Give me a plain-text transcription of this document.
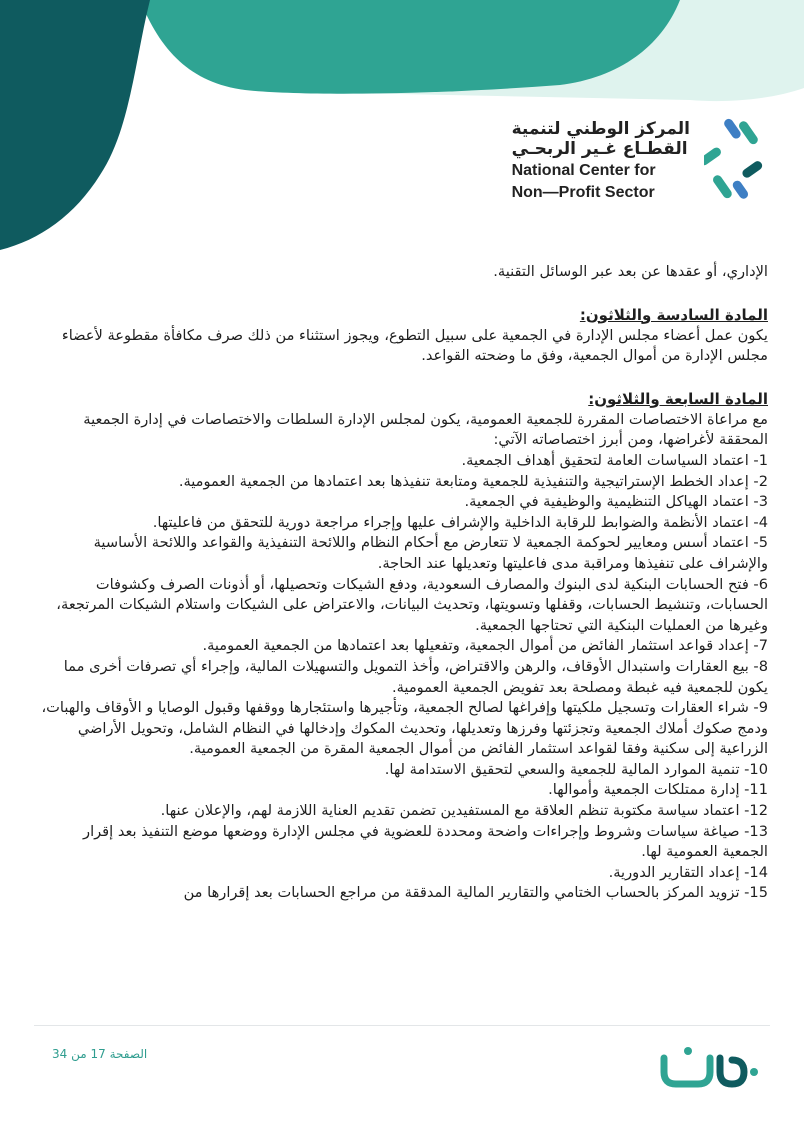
المركز الوطني لتنمية
القطـاع غـير الربحـي
National Center for
Non—Profit Sector

الإداري، أو عقدها عن بعد عبر الوسائل التقنية.

المادة السادسة والثلاثون:

يكون عمل أعضاء مجلس الإدارة في الجمعية على سبيل التطوع، ويجوز استثناء من ذلك صرف مكافأة مقطوعة لأعضاء مجلس الإدارة من أموال الجمعية، وفق ما وضحته القواعد.

المادة السابعة والثلاثون:

مع مراعاة الاختصاصات المقررة للجمعية العمومية، يكون لمجلس الإدارة السلطات والاختصاصات في إدارة الجمعية المحققة لأغراضها، ومن أبرز اختصاصاته الآتي:

1- اعتماد السياسات العامة لتحقيق أهداف الجمعية.

2- إعداد الخطط الإستراتيجية والتنفيذية للجمعية ومتابعة تنفيذها بعد اعتمادها من الجمعية العمومية.

3- اعتماد الهياكل التنظيمية والوظيفية في الجمعية.

4- اعتماد الأنظمة والضوابط للرقابة الداخلية والإشراف عليها وإجراء مراجعة دورية للتحقق من فاعليتها.

5- اعتماد أسس ومعايير لحوكمة الجمعية لا تتعارض مع أحكام النظام واللائحة التنفيذية والقواعد واللائحة الأساسية والإشراف على تنفيذها ومراقبة مدى فاعليتها وتعديلها عند الحاجة.

6- فتح الحسابات البنكية لدى البنوك والمصارف السعودية، ودفع الشيكات وتحصيلها، أو أذونات الصرف وكشوفات الحسابات، وتنشيط الحسابات، وقفلها وتسويتها، وتحديث البيانات، والاعتراض على الشيكات واستلام الشيكات المرتجعة، وغيرها من العمليات البنكية التي تحتاجها الجمعية.

7- إعداد قواعد استثمار الفائض من أموال الجمعية، وتفعيلها بعد اعتمادها من الجمعية العمومية.

8- بيع العقارات واستبدال الأوقاف، والرهن والاقتراض، وأخذ التمويل والتسهيلات المالية، وإجراء أي تصرفات أخرى مما يكون للجمعية فيه غبطة ومصلحة بعد تفويض الجمعية العمومية.

9- شراء العقارات وتسجيل ملكيتها وإفراغها لصالح الجمعية، وتأجيرها واستئجارها ووقفها وقبول الوصايا و الأوقاف والهبات، ودمج صكوك أملاك الجمعية وتجزئتها وفرزها وتعديلها، وتحديث المكوك وإدخالها في النظام الشامل، وتحويل الأراضي الزراعية إلى سكنية وفقا لقواعد استثمار الفائض من أموال الجمعية المقرة من الجمعية العمومية.

10- تنمية الموارد المالية للجمعية والسعي لتحقيق الاستدامة لها.

11- إدارة ممتلكات الجمعية وأموالها.

12- اعتماد سياسة مكتوبة تنظم العلاقة مع المستفيدين تضمن تقديم العناية اللازمة لهم، والإعلان عنها.

13- صياغة سياسات وشروط وإجراءات واضحة ومحددة للعضوية في مجلس الإدارة ووضعها موضع التنفيذ بعد إقرار الجمعية العمومية لها.

14- إعداد التقارير الدورية.

15- تزويد المركز بالحساب الختامي والتقارير المالية المدققة من مراجع الحسابات بعد إقرارها من

الصفحة 17 من 34
